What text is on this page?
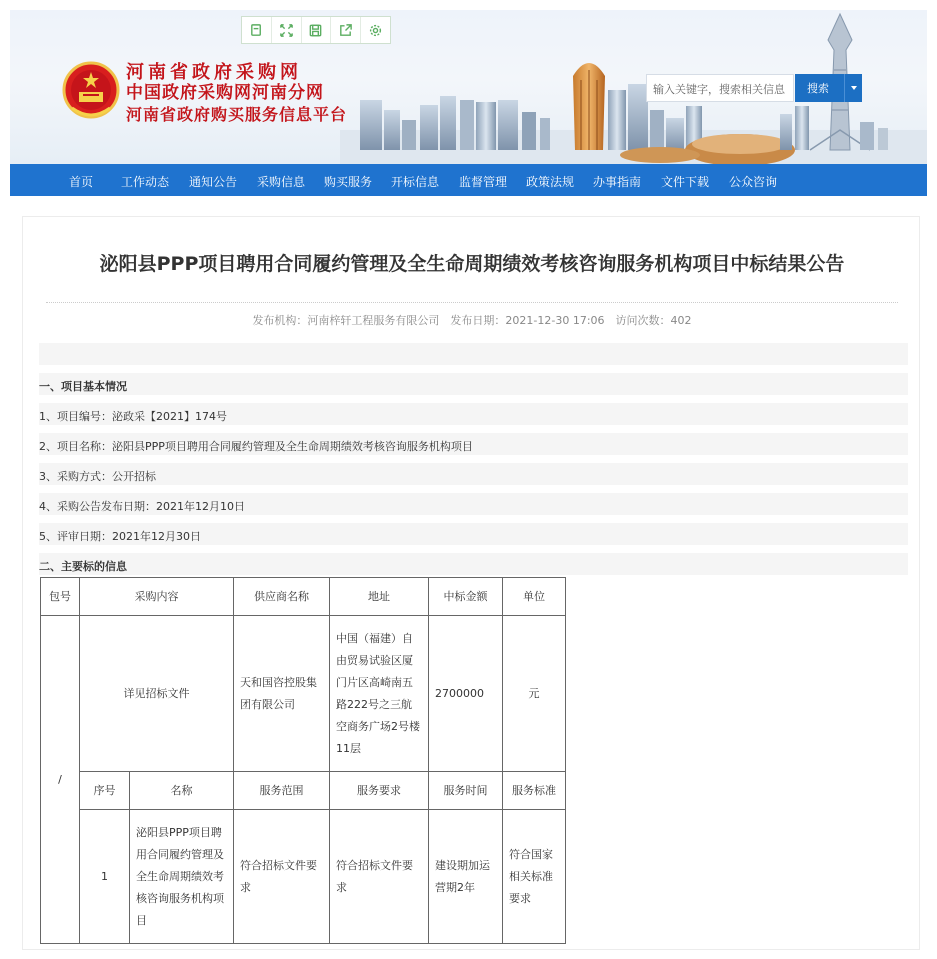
河南省政府采购网
中国政府采购网河南分网
河南省政府购买服务信息平台
输入关键字，搜索相关信息	搜索
首页 工作动态 通知公告 采购信息 购买服务 开标信息 监督管理 政策法规 办事指南 文件下载 公众咨询
泌阳县PPP项目聘用合同履约管理及全生命周期绩效考核咨询服务机构项目中标结果公告
发布机构：河南梓轩工程服务有限公司　发布日期：2021-12-30 17:06　访问次数：402
一、项目基本情况
1、项目编号：泌政采【2021】174号
2、项目名称：泌阳县PPP项目聘用合同履约管理及全生命周期绩效考核咨询服务机构项目
3、采购方式：公开招标
4、采购公告发布日期：2021年12月10日
5、评审日期：2021年12月30日
二、主要标的信息
包号	采购内容		供应商名称	地址	中标金额	单位
/	详见招标文件		天和国咨控股集团有限公司	中国（福建）自由贸易试验区厦门片区高崎南五路222号之三航空商务广场2号楼11层	2700000	元
	序号	名称	服务范围	服务要求	服务时间	服务标准
	1	泌阳县PPP项目聘用合同履约管理及全生命周期绩效考核咨询服务机构项目	符合招标文件要求	符合招标文件要求	建设期加运营期2年	符合国家相关标准要求
